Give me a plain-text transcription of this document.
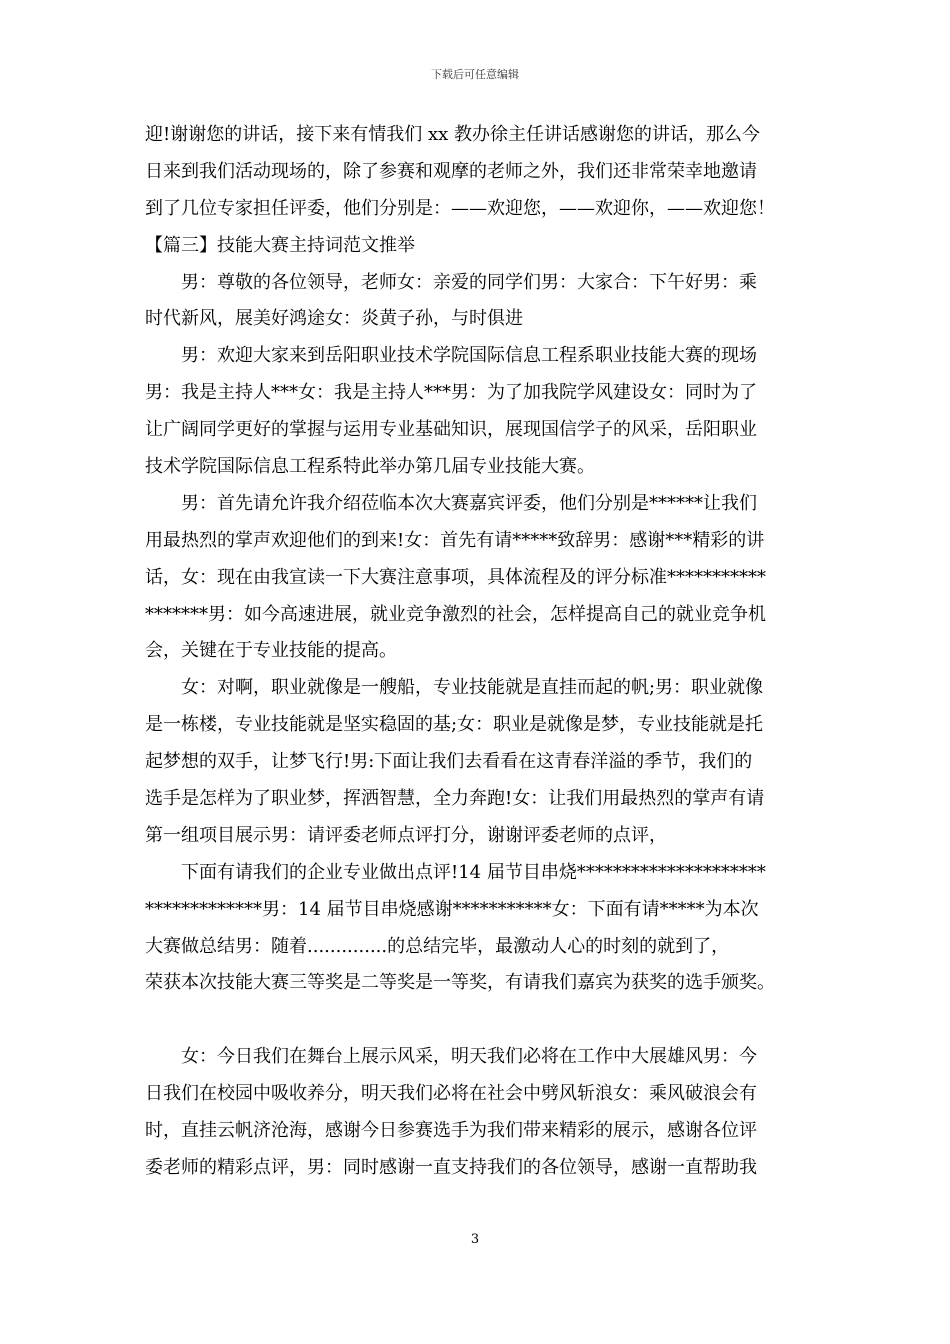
下载后可任意编辑
迎!谢谢您的讲话，接下来有情我们 xx 教办徐主任讲话感谢您的讲话，那么今
日来到我们活动现场的，除了参赛和观摩的老师之外，我们还非常荣幸地邀请
到了几位专家担任评委，他们分别是：——欢迎您，——欢迎你，——欢迎您！
【篇三】技能大赛主持词范文推举
男：尊敬的各位领导，老师女：亲爱的同学们男：大家合：下午好男：乘
时代新风，展美好鸿途女：炎黄子孙，与时俱进
男：欢迎大家来到岳阳职业技术学院国际信息工程系职业技能大赛的现场
男：我是主持人***女：我是主持人***男：为了加我院学风建设女：同时为了
让广阔同学更好的掌握与运用专业基础知识，展现国信学子的风采，岳阳职业
技术学院国际信息工程系特此举办第几届专业技能大赛。
男：首先请允许我介绍莅临本次大赛嘉宾评委，他们分别是******让我们
用最热烈的掌声欢迎他们的到来!女：首先有请*****致辞男：感谢***精彩的讲
话，女：现在由我宣读一下大赛注意事项，具体流程及的评分标准***********
*******男：如今高速进展，就业竞争激烈的社会，怎样提高自己的就业竞争机
会，关键在于专业技能的提高。
女：对啊，职业就像是一艘船，专业技能就是直挂而起的帆;男：职业就像
是一栋楼，专业技能就是坚实稳固的基;女：职业是就像是梦，专业技能就是托
起梦想的双手，让梦飞行!男:下面让我们去看看在这青春洋溢的季节，我们的
选手是怎样为了职业梦，挥洒智慧，全力奔跑!女：让我们用最热烈的掌声有请
第一组项目展示男：请评委老师点评打分，谢谢评委老师的点评，
下面有请我们的企业专业做出点评!14 届节目串烧*********************
*************男：14 届节目串烧感谢***********女：下面有请*****为本次
大赛做总结男：随着..............的总结完毕，最激动人心的时刻的就到了，
荣获本次技能大赛三等奖是二等奖是一等奖，有请我们嘉宾为获奖的选手颁奖。
女：今日我们在舞台上展示风采，明天我们必将在工作中大展雄风男：今
日我们在校园中吸收养分，明天我们必将在社会中劈风斩浪女：乘风破浪会有
时，直挂云帆济沧海，感谢今日参赛选手为我们带来精彩的展示，感谢各位评
委老师的精彩点评，男：同时感谢一直支持我们的各位领导，感谢一直帮助我
3
